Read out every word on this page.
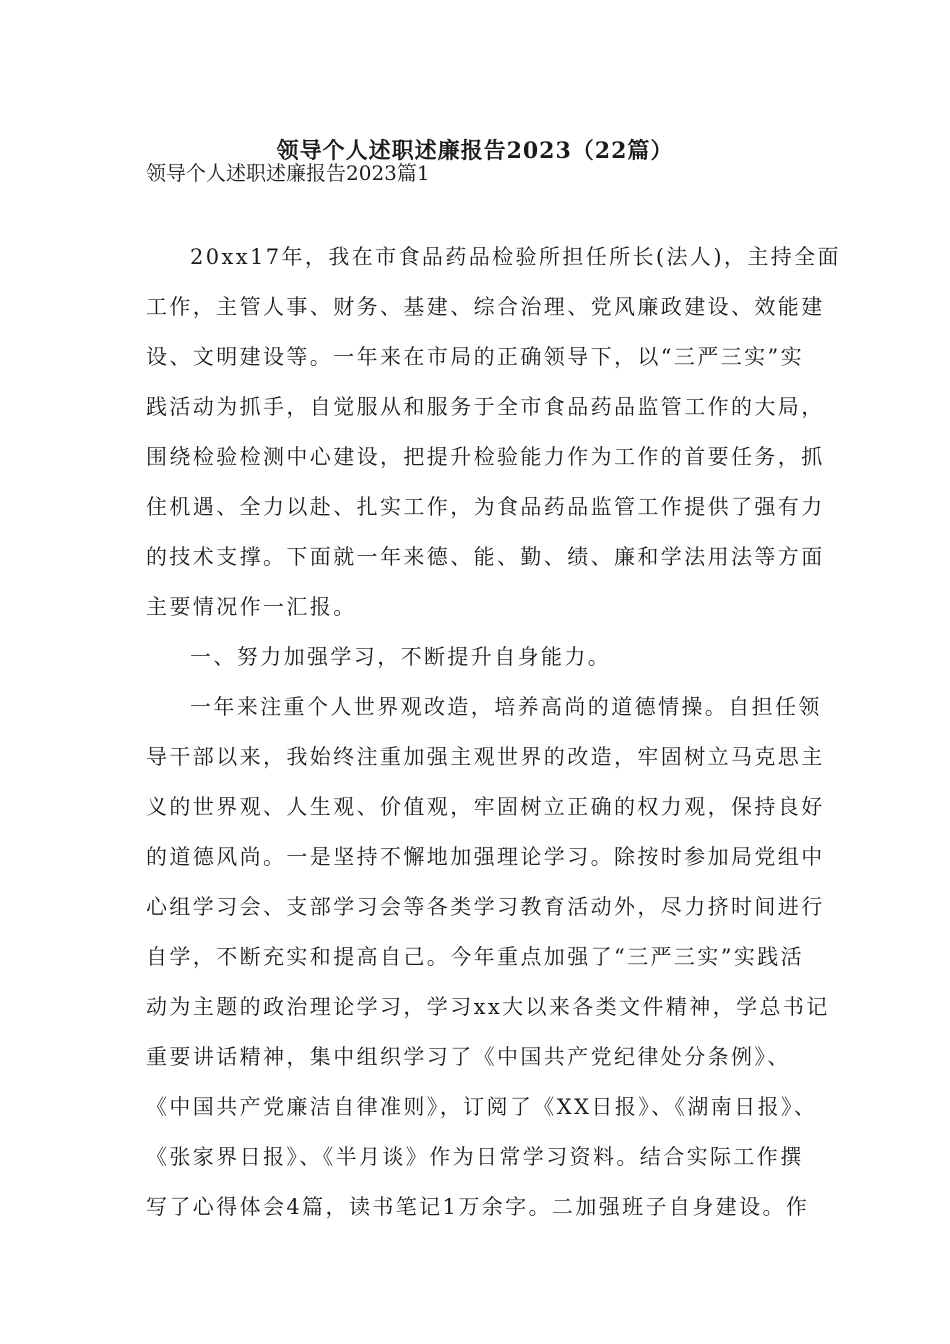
领导个人述职述廉报告2023（22篇）

领导个人述职述廉报告2023篇1

20xx17年，我在市食品药品检验所担任所长(法人)，主持全面
工作，主管人事、财务、基建、综合治理、党风廉政建设、效能建
设、文明建设等。一年来在市局的正确领导下，以“三严三实”实
践活动为抓手，自觉服从和服务于全市食品药品监管工作的大局，
围绕检验检测中心建设，把提升检验能力作为工作的首要任务，抓
住机遇、全力以赴、扎实工作，为食品药品监管工作提供了强有力
的技术支撑。下面就一年来德、能、勤、绩、廉和学法用法等方面
主要情况作一汇报。
一、努力加强学习，不断提升自身能力。
一年来注重个人世界观改造，培养高尚的道德情操。自担任领
导干部以来，我始终注重加强主观世界的改造，牢固树立马克思主
义的世界观、人生观、价值观，牢固树立正确的权力观，保持良好
的道德风尚。一是坚持不懈地加强理论学习。除按时参加局党组中
心组学习会、支部学习会等各类学习教育活动外，尽力挤时间进行
自学，不断充实和提高自己。今年重点加强了“三严三实”实践活
动为主题的政治理论学习，学习xx大以来各类文件精神，学总书记
重要讲话精神，集中组织学习了《中国共产党纪律处分条例》、
《中国共产党廉洁自律准则》，订阅了《XX日报》、《湖南日报》、
《张家界日报》、《半月谈》作为日常学习资料。结合实际工作撰
写了心得体会4篇，读书笔记1万余字。二加强班子自身建设。作
